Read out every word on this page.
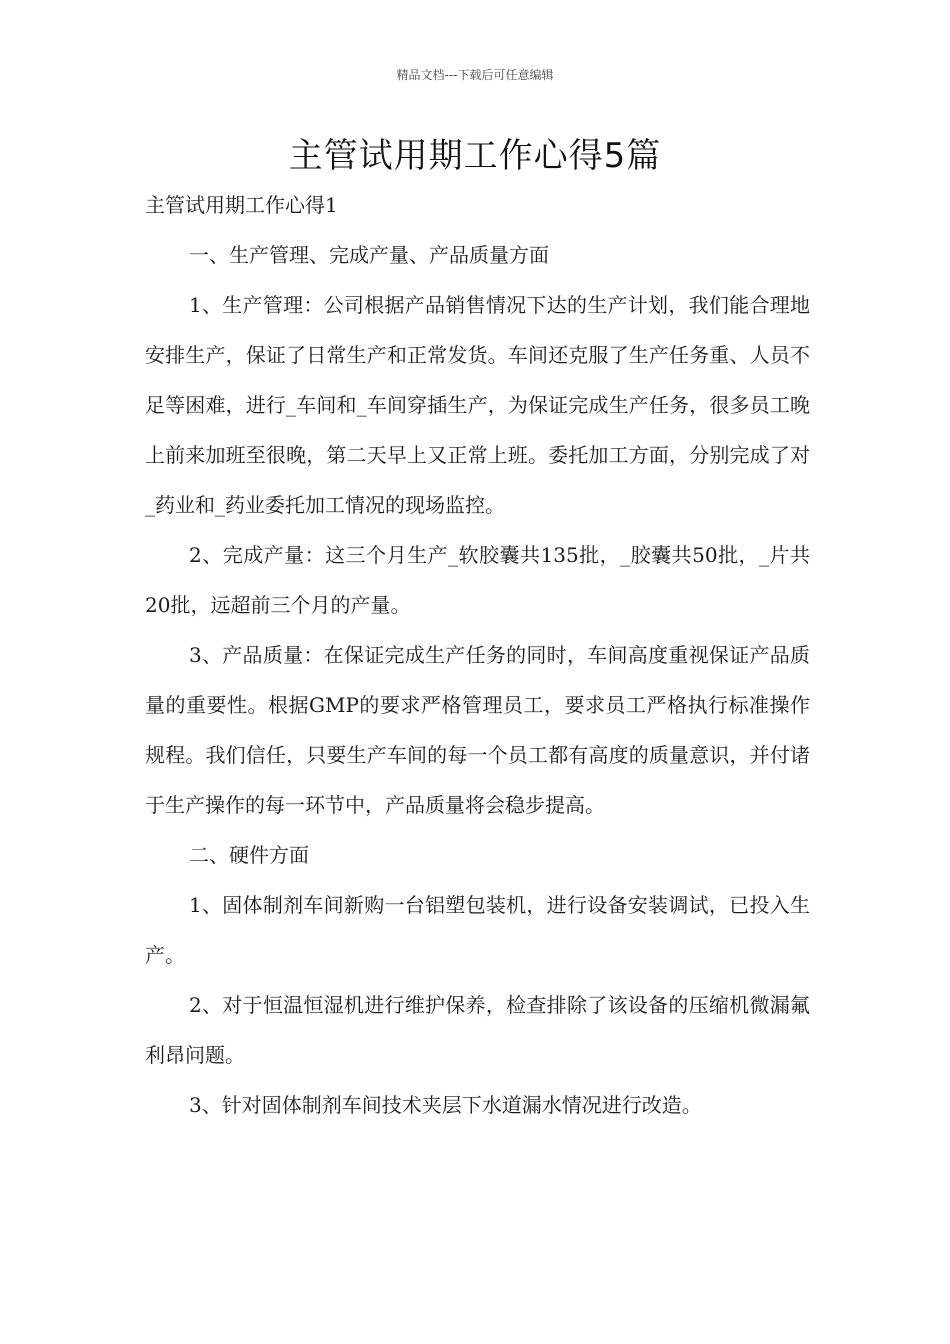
精品文档---下载后可任意编辑
主管试用期工作心得5篇

主管试用期工作心得1

一、生产管理、完成产量、产品质量方面

1、生产管理：公司根据产品销售情况下达的生产计划，我们能合理地安排生产，保证了日常生产和正常发货。车间还克服了生产任务重、人员不足等困难，进行_车间和_车间穿插生产，为保证完成生产任务，很多员工晚上前来加班至很晚，第二天早上又正常上班。委托加工方面，分别完成了对_药业和_药业委托加工情况的现场监控。

2、完成产量：这三个月生产_软胶囊共135批，_胶囊共50批，_片共20批，远超前三个月的产量。

3、产品质量：在保证完成生产任务的同时，车间高度重视保证产品质量的重要性。根据GMP的要求严格管理员工，要求员工严格执行标准操作规程。我们信任，只要生产车间的每一个员工都有高度的质量意识，并付诸于生产操作的每一环节中，产品质量将会稳步提高。

二、硬件方面

1、固体制剂车间新购一台铝塑包装机，进行设备安装调试，已投入生产。

2、对于恒温恒湿机进行维护保养，检查排除了该设备的压缩机微漏氟利昂问题。

3、针对固体制剂车间技术夹层下水道漏水情况进行改造。
